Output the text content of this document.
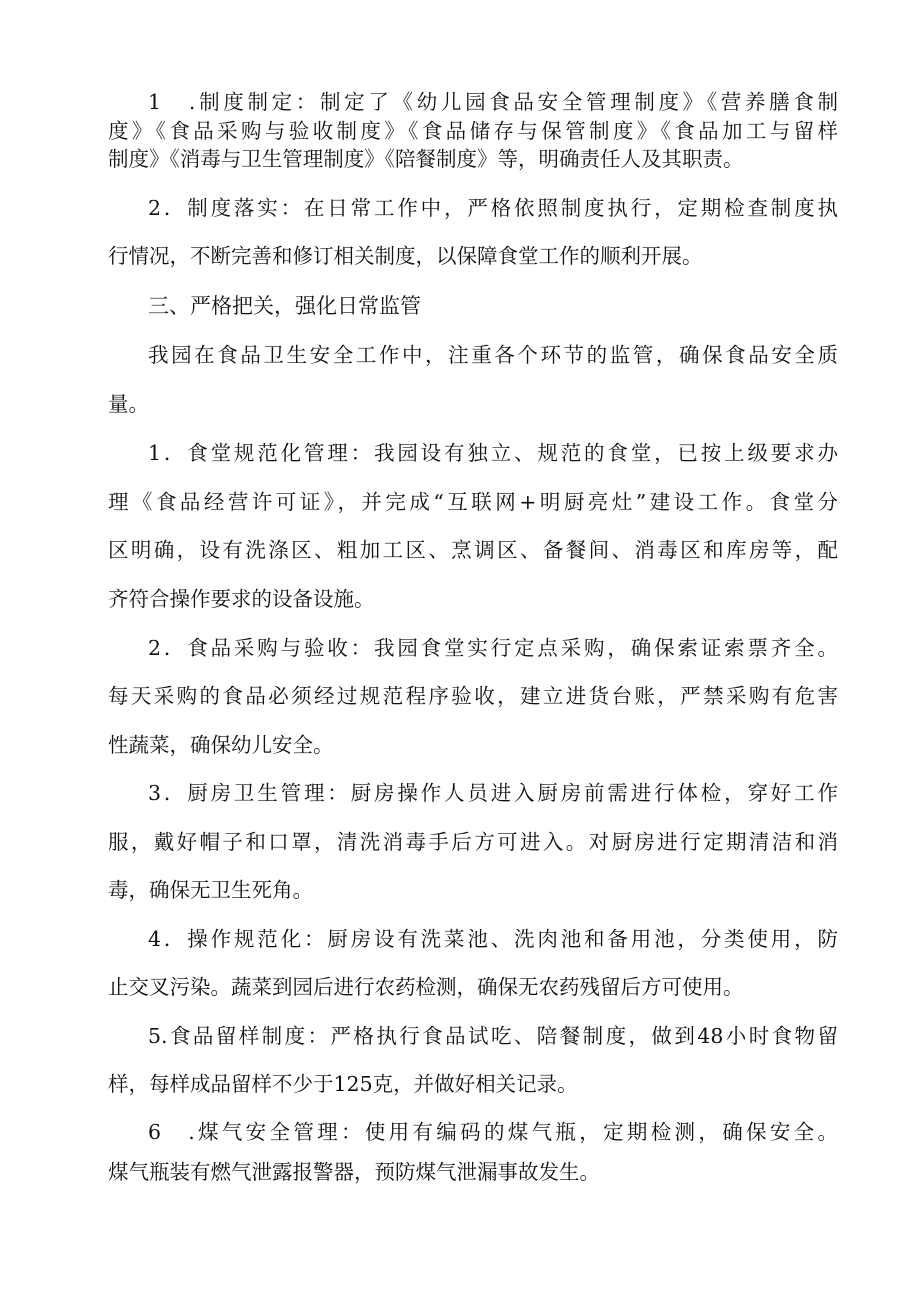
1　.制度制定：制定了《幼儿园食品安全管理制度》《营养膳食制
度》《食品采购与验收制度》《食品储存与保管制度》《食品加工与留样
制度》《消毒与卫生管理制度》《陪餐制度》等，明确责任人及其职责。
2．制度落实：在日常工作中，严格依照制度执行，定期检查制度执
行情况，不断完善和修订相关制度，以保障食堂工作的顺利开展。
三、严格把关，强化日常监管
我园在食品卫生安全工作中，注重各个环节的监管，确保食品安全质
量。
1．食堂规范化管理：我园设有独立、规范的食堂，已按上级要求办
理《食品经营许可证》，并完成“互联网+明厨亮灶”建设工作。食堂分
区明确，设有洗涤区、粗加工区、烹调区、备餐间、消毒区和库房等，配
齐符合操作要求的设备设施。
2．食品采购与验收：我园食堂实行定点采购，确保索证索票齐全。
每天采购的食品必须经过规范程序验收，建立进货台账，严禁采购有危害
性蔬菜，确保幼儿安全。
3．厨房卫生管理：厨房操作人员进入厨房前需进行体检，穿好工作
服，戴好帽子和口罩，清洗消毒手后方可进入。对厨房进行定期清洁和消
毒，确保无卫生死角。
4．操作规范化：厨房设有洗菜池、洗肉池和备用池，分类使用，防
止交叉污染。蔬菜到园后进行农药检测，确保无农药残留后方可使用。
5.食品留样制度：严格执行食品试吃、陪餐制度，做到48小时食物留
样，每样成品留样不少于125克，并做好相关记录。
6　.煤气安全管理：使用有编码的煤气瓶，定期检测，确保安全。
煤气瓶装有燃气泄露报警器，预防煤气泄漏事故发生。
